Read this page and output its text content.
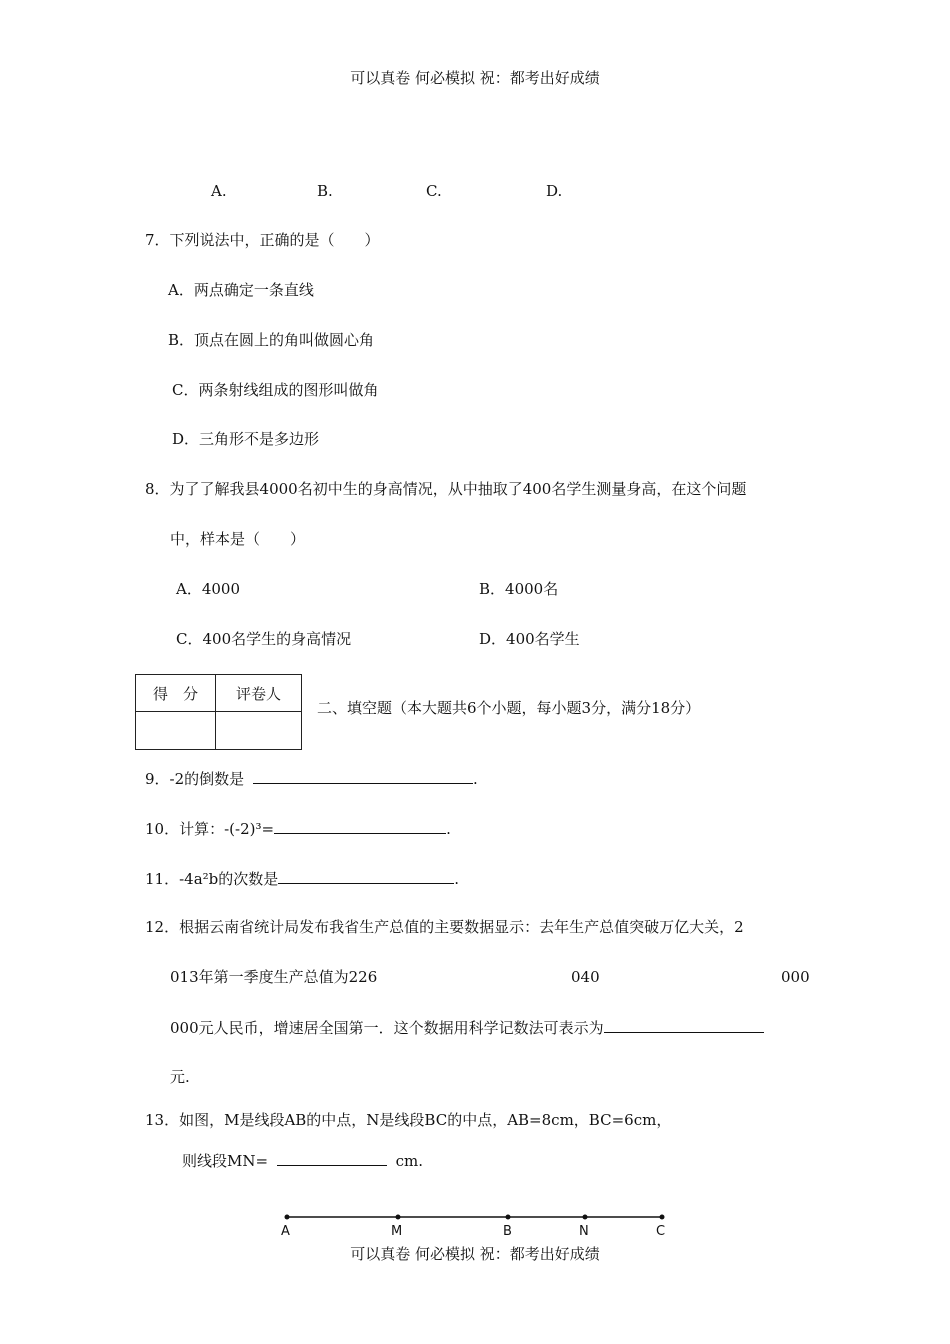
可以真卷 何必模拟 祝：都考出好成绩
A.	B.	C.	D.
7．下列说法中，正确的是（　　）
A．两点确定一条直线
B．顶点在圆上的角叫做圆心角
C．两条射线组成的图形叫做角
D．三角形不是多边形
8．为了了解我县4000名初中生的身高情况，从中抽取了400名学生测量身高，在这个问题
中，样本是（　　）
A．4000	B．4000名
C．400名学生的身高情况	D．400名学生
得　分	评卷人

二、填空题（本大题共6个小题，每小题3分，满分18分）
9．-2的倒数是	.
10．计算：-(-2)³=	.
11．-4a²b的次数是	.
12．根据云南省统计局发布我省生产总值的主要数据显示：去年生产总值突破万亿大关，2
013年第一季度生产总值为226	040	000
000元人民币，增速居全国第一．这个数据用科学记数法可表示为
元.
13．如图，M是线段AB的中点，N是线段BC的中点，AB=8cm，BC=6cm，
则线段MN=	cm.
A	M	B	N	C
可以真卷 何必模拟 祝：都考出好成绩
